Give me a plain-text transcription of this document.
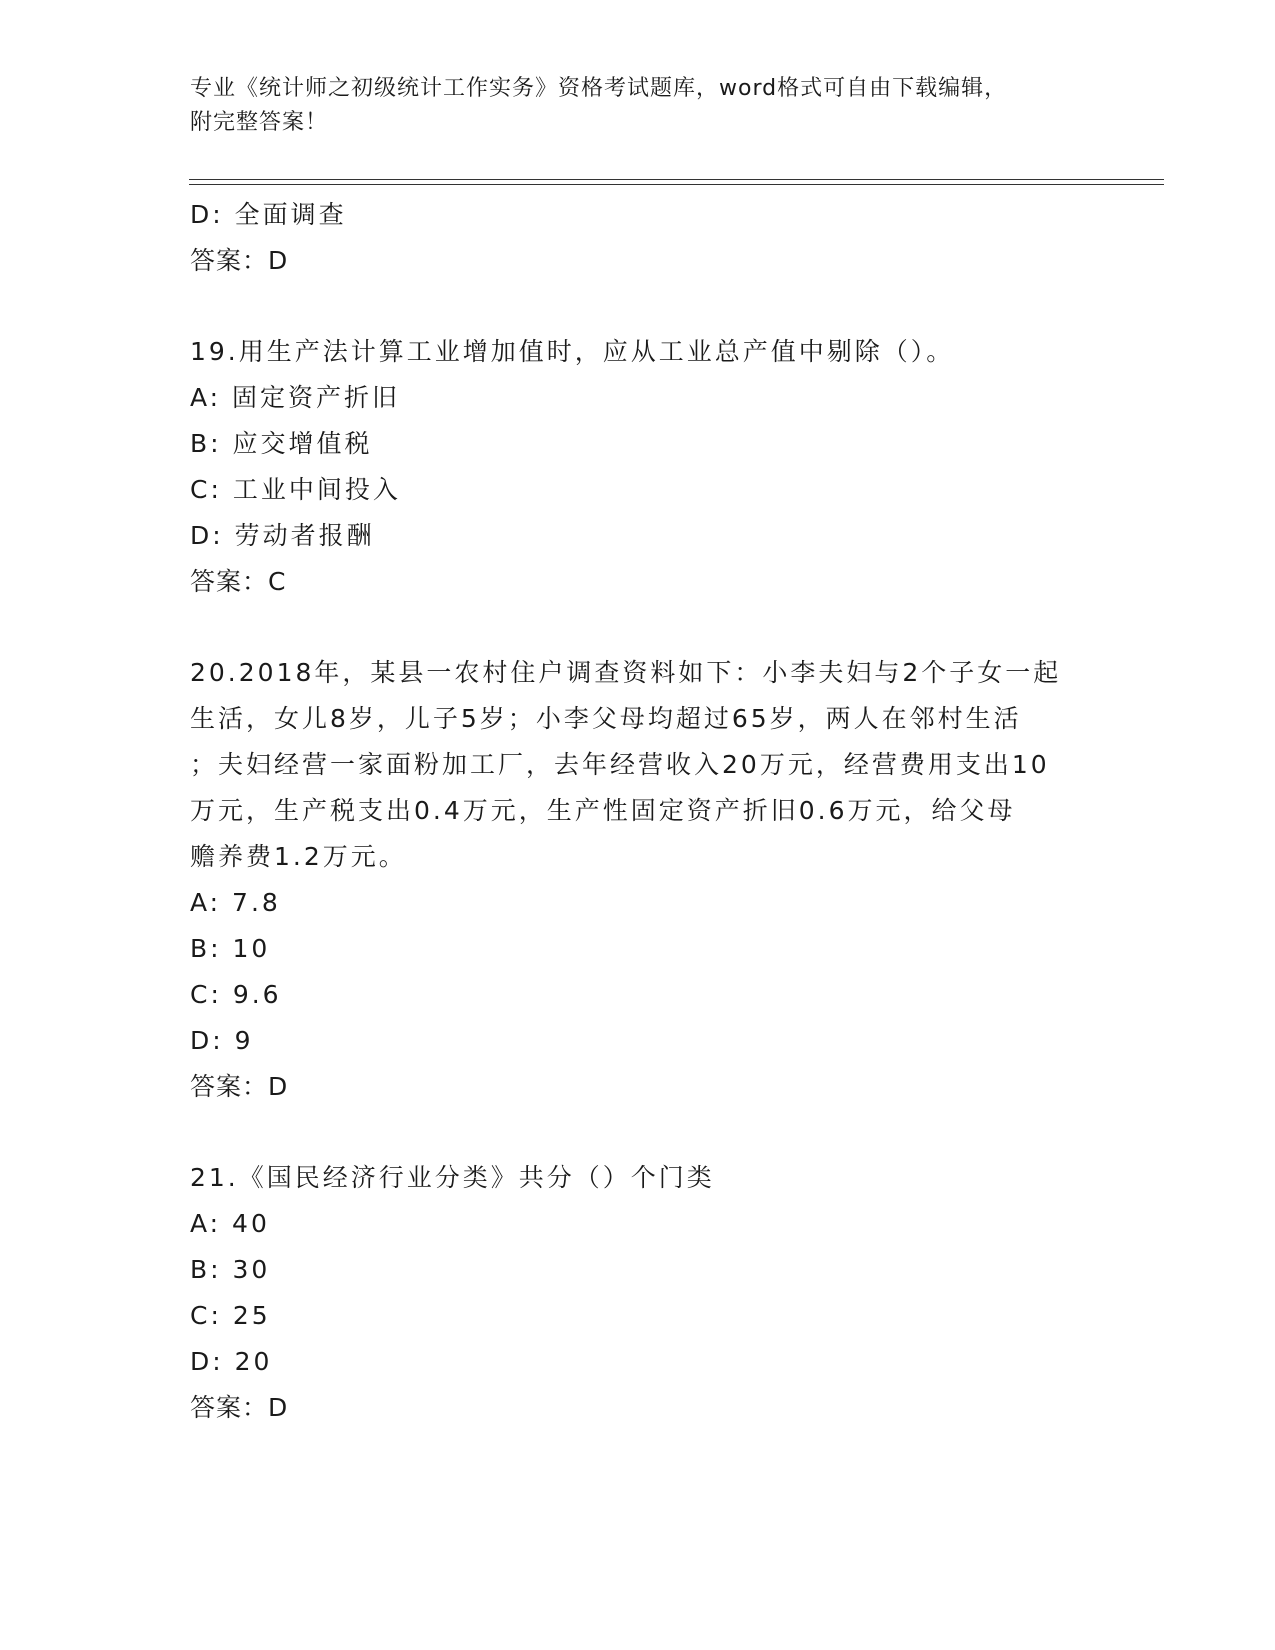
专业《统计师之初级统计工作实务》资格考试题库，word格式可自由下载编辑，
附完整答案！
D: 全面调查
答案：D
19.用生产法计算工业增加值时，应从工业总产值中剔除（）。
A: 固定资产折旧
B: 应交增值税
C: 工业中间投入
D: 劳动者报酬
答案：C
20.2018年，某县一农村住户调查资料如下：小李夫妇与2个子女一起
生活，女儿8岁，儿子5岁；小李父母均超过65岁，两人在邻村生活
；夫妇经营一家面粉加工厂，去年经营收入20万元，经营费用支出10
万元，生产税支出0.4万元，生产性固定资产折旧0.6万元，给父母
赡养费1.2万元。
A: 7.8
B: 10
C: 9.6
D: 9
答案：D
21.《国民经济行业分类》共分（）个门类
A: 40
B: 30
C: 25
D: 20
答案：D
